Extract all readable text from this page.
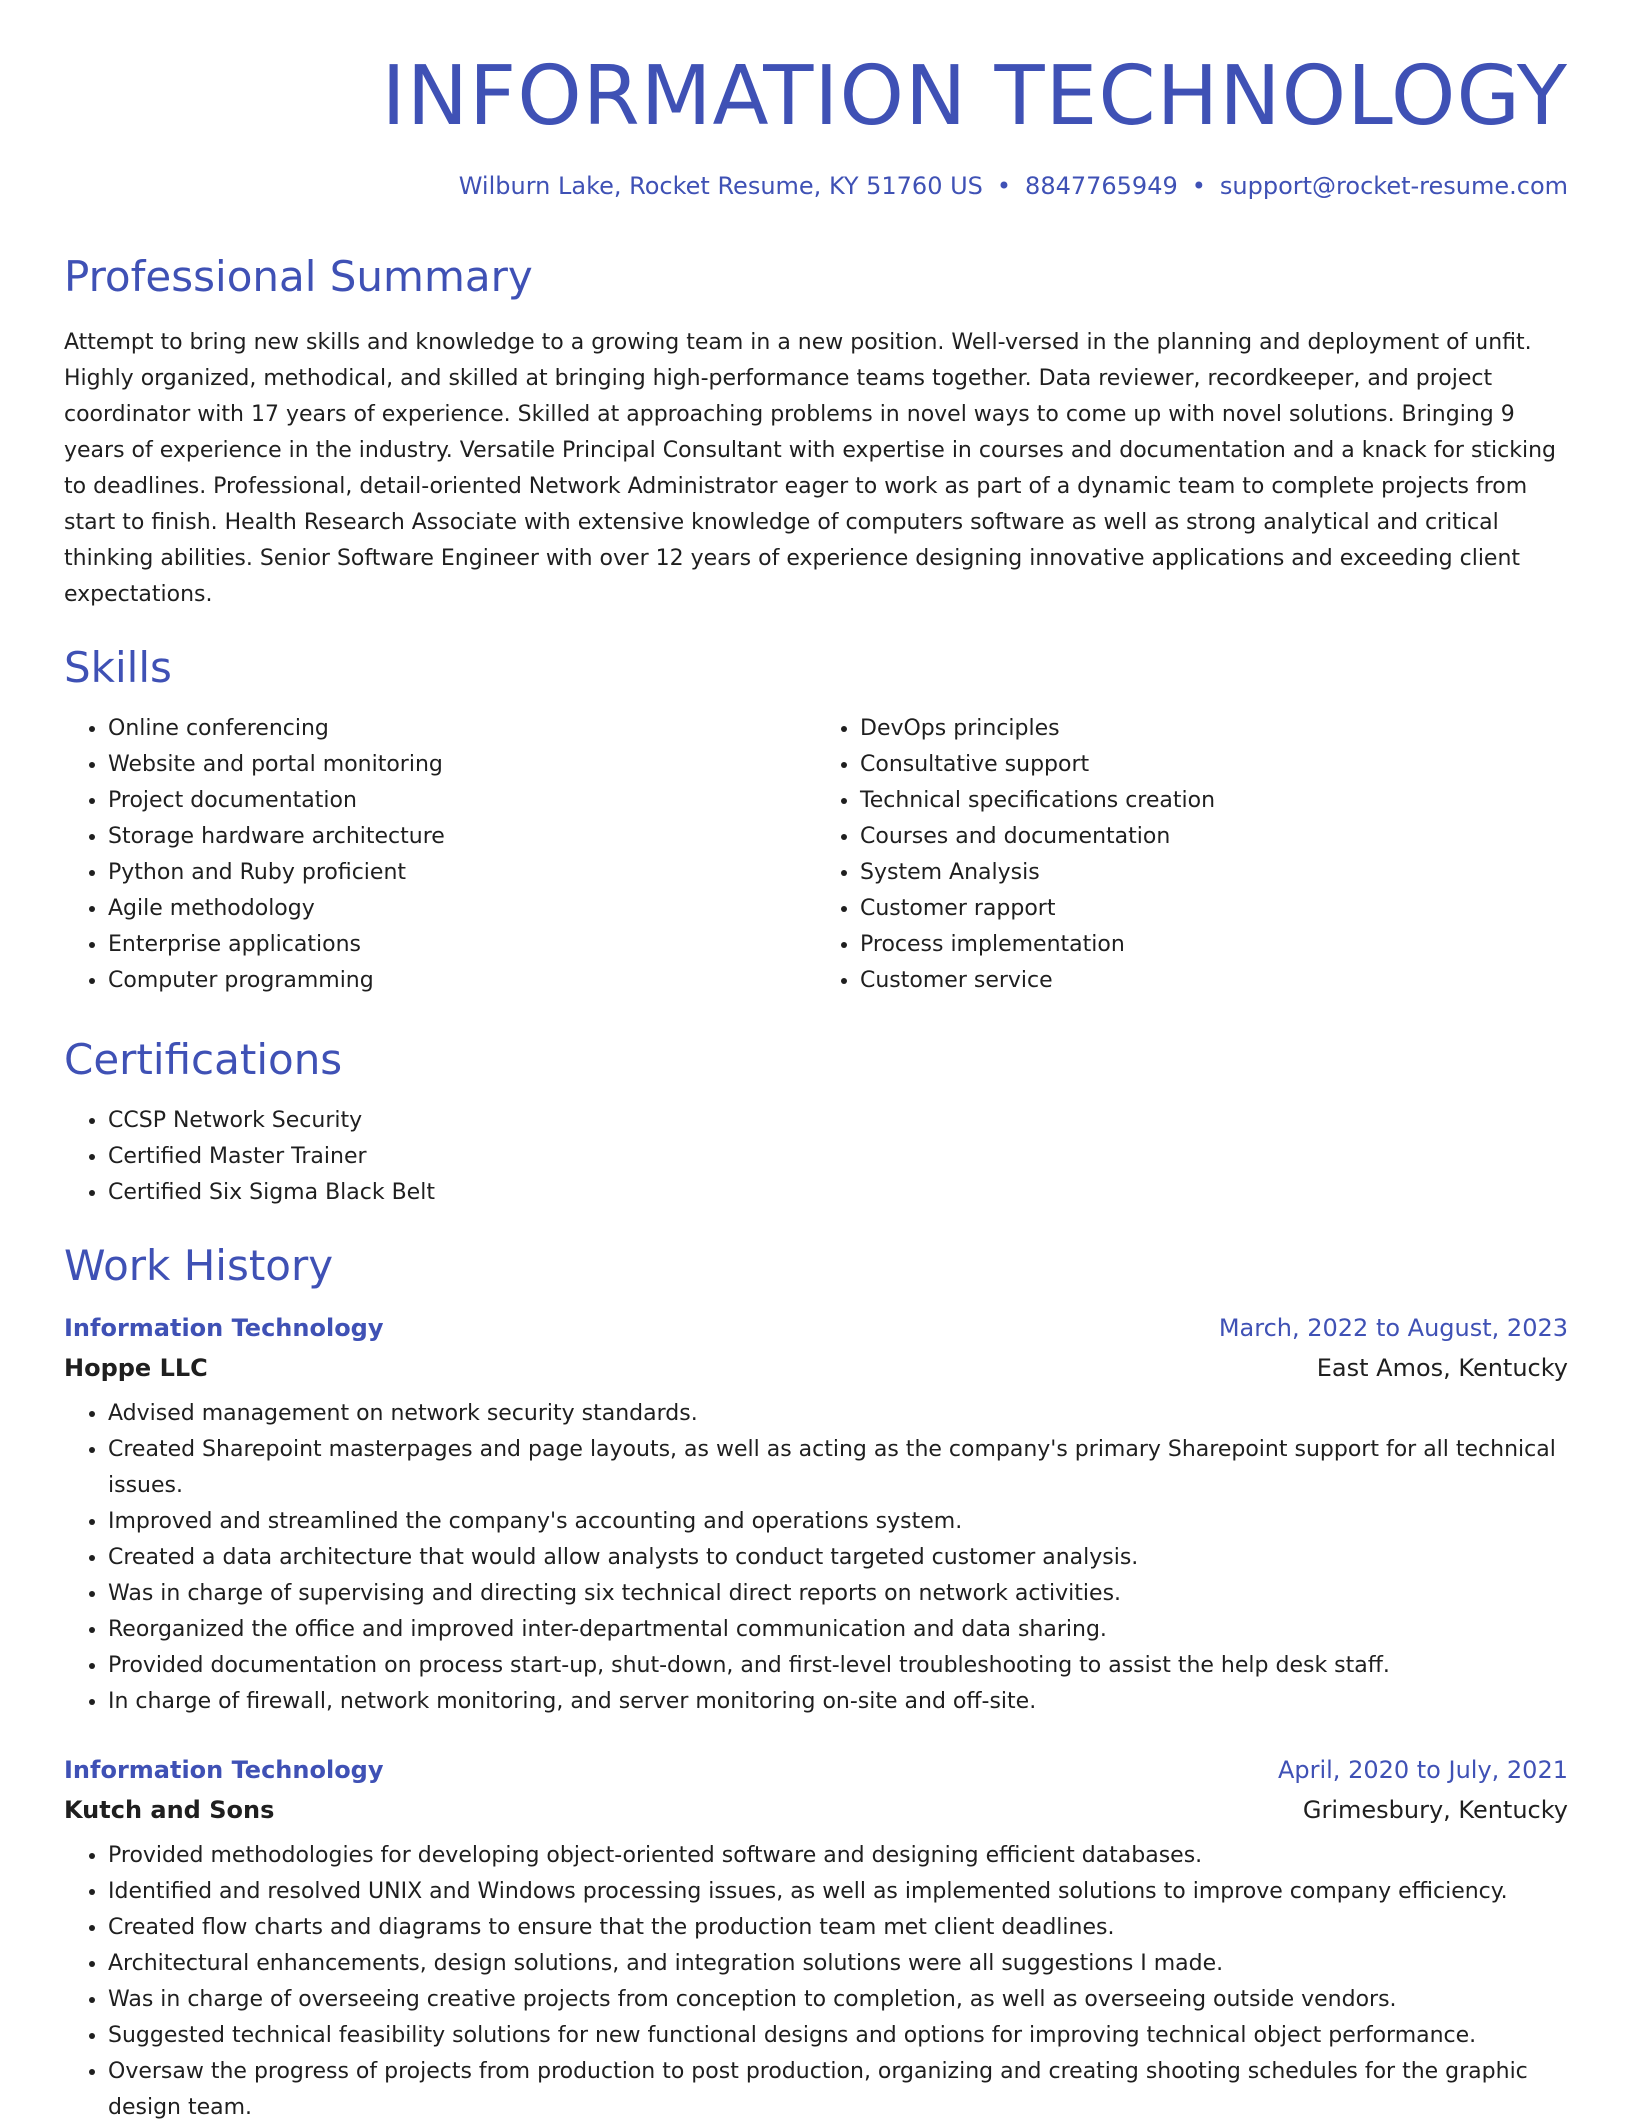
INFORMATION TECHNOLOGY
Wilburn Lake, Rocket Resume, KY 51760 US • 8847765949 • support@rocket-resume.com
Professional Summary

Attempt to bring new skills and knowledge to a growing team in a new position. Well-versed in the planning and deployment of unfit. Highly organized, methodical, and skilled at bringing high-performance teams together. Data reviewer, recordkeeper, and project coordinator with 17 years of experience. Skilled at approaching problems in novel ways to come up with novel solutions. Bringing 9 years of experience in the industry. Versatile Principal Consultant with expertise in courses and documentation and a knack for sticking to deadlines. Professional, detail-oriented Network Administrator eager to work as part of a dynamic team to complete projects from start to finish. Health Research Associate with extensive knowledge of computers software as well as strong analytical and critical thinking abilities. Senior Software Engineer with over 12 years of experience designing innovative applications and exceeding client expectations.

Skills
• Online conferencing
• Website and portal monitoring
• Project documentation
• Storage hardware architecture
• Python and Ruby proficient
• Agile methodology
• Enterprise applications
• Computer programming
• DevOps principles
• Consultative support
• Technical specifications creation
• Courses and documentation
• System Analysis
• Customer rapport
• Process implementation
• Customer service
Certifications
• CCSP Network Security
• Certified Master Trainer
• Certified Six Sigma Black Belt
Work History
Information Technology	March, 2022 to August, 2023
Hoppe LLC	East Amos, Kentucky
• Advised management on network security standards.
• Created Sharepoint masterpages and page layouts, as well as acting as the company's primary Sharepoint support for all technical issues.
• Improved and streamlined the company's accounting and operations system.
• Created a data architecture that would allow analysts to conduct targeted customer analysis.
• Was in charge of supervising and directing six technical direct reports on network activities.
• Reorganized the office and improved inter-departmental communication and data sharing.
• Provided documentation on process start-up, shut-down, and first-level troubleshooting to assist the help desk staff.
• In charge of firewall, network monitoring, and server monitoring on-site and off-site.
Information Technology	April, 2020 to July, 2021
Kutch and Sons	Grimesbury, Kentucky
• Provided methodologies for developing object-oriented software and designing efficient databases.
• Identified and resolved UNIX and Windows processing issues, as well as implemented solutions to improve company efficiency.
• Created flow charts and diagrams to ensure that the production team met client deadlines.
• Architectural enhancements, design solutions, and integration solutions were all suggestions I made.
• Was in charge of overseeing creative projects from conception to completion, as well as overseeing outside vendors.
• Suggested technical feasibility solutions for new functional designs and options for improving technical object performance.
• Oversaw the progress of projects from production to post production, organizing and creating shooting schedules for the graphic design team.
